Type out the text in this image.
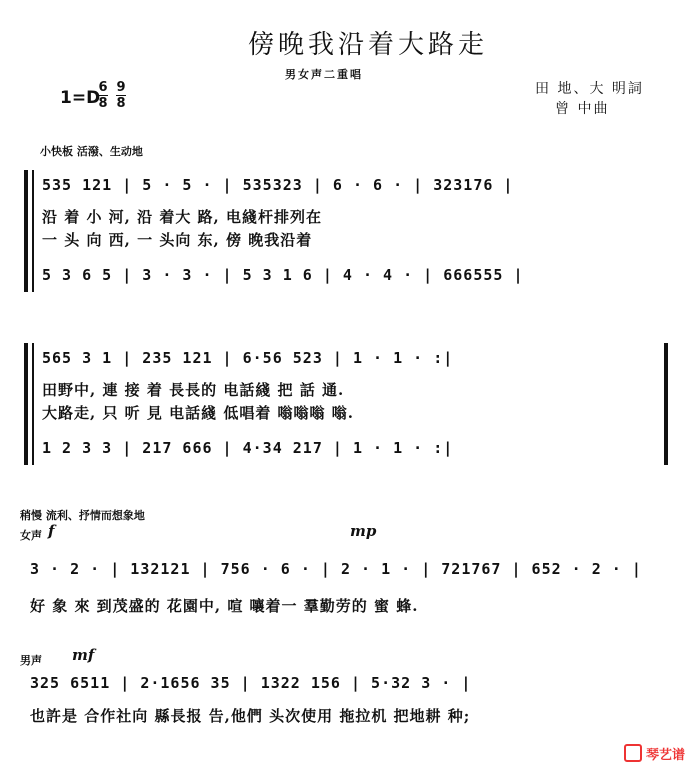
傍晚我沿着大路走
男女声二重唱
1=D
6
8
9
8
田 地、大 明詞
曾 中曲
小快板 活潑、生动地
535 121 | 5 · 5 · | 535323 | 6 · 6 · | 323176 |
沿 着 小 河, 沿 着大 路, 电綫杆排列在
一 头 向 西, 一 头向 东, 傍 晚我沿着
5 3 6 5 | 3 · 3 · | 5 3 1 6 | 4 · 4 · | 666555 |
565 3 1 | 235 121 | 6·56 523 | 1 · 1 · :|
田野中, 連 接 着 長長的 电話綫 把 話 通.
大路走, 只 听 見 电話綫 低唱着 嗡嗡嗡 嗡.
1 2 3 3 | 217 666 | 4·34 217 | 1 · 1 · :|
稍慢 流利、抒情而想象地
女声 f	mp
3 · 2 · | 132121 | 756 · 6 · | 2 · 1 · | 721767 | 652 · 2 · |
好 象 來 到茂盛的 花園中, 喧 嚷着一 羣勤劳的 蜜 蜂.
男声 mf
325 6511 | 2·1656 35 | 1322 156 | 5·32 3 · |
也許是 合作社向 縣長报 告,他們 头次使用 拖拉机 把地耕 种;
琴艺谱
